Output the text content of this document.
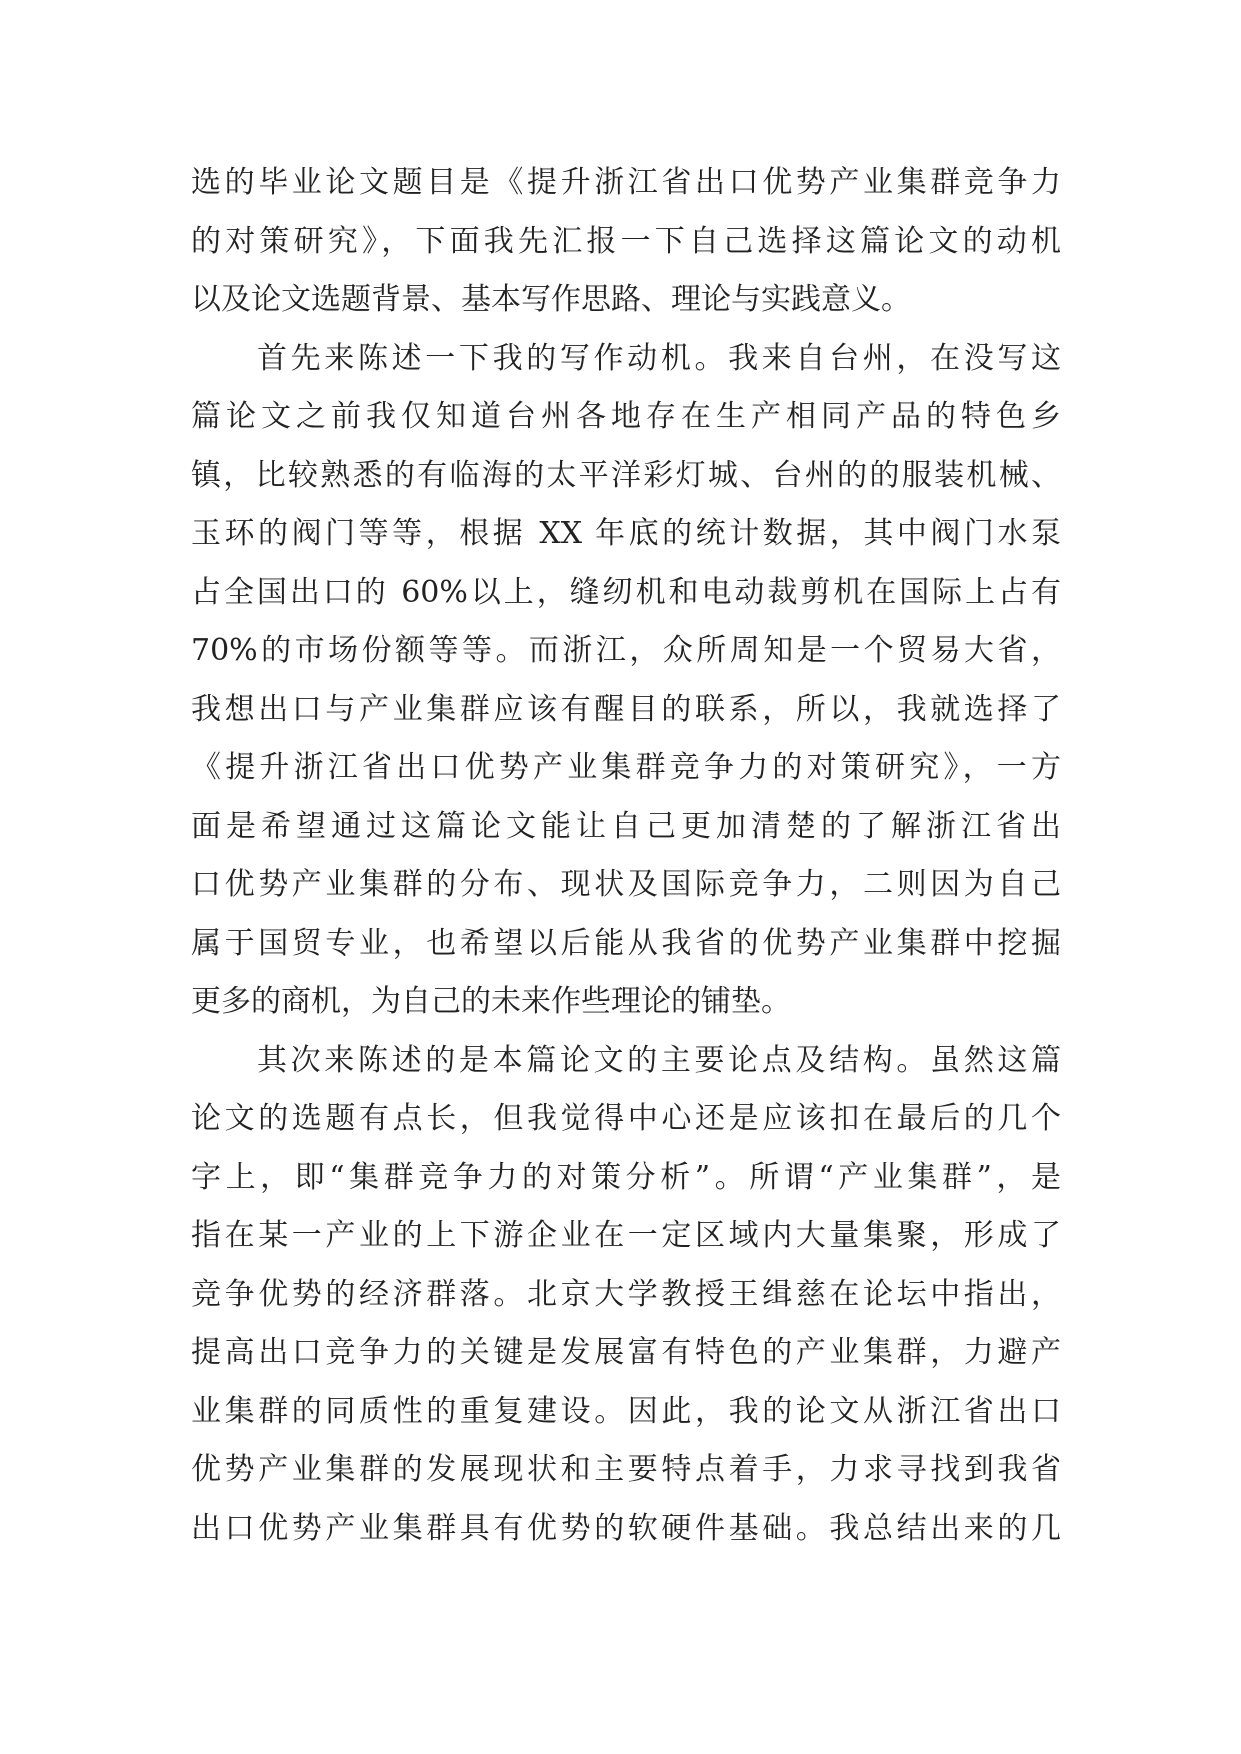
选的毕业论文题目是《提升浙江省出口优势产业集群竞争力
的对策研究》，下面我先汇报一下自己选择这篇论文的动机
以及论文选题背景、基本写作思路、理论与实践意义。
首先来陈述一下我的写作动机。我来自台州，在没写这
篇论文之前我仅知道台州各地存在生产相同产品的特色乡
镇，比较熟悉的有临海的太平洋彩灯城、台州的的服装机械、
玉环的阀门等等，根据 XX 年底的统计数据，其中阀门水泵
占全国出口的 60%以上，缝纫机和电动裁剪机在国际上占有
70%的市场份额等等。而浙江，众所周知是一个贸易大省，
我想出口与产业集群应该有醒目的联系，所以，我就选择了
《提升浙江省出口优势产业集群竞争力的对策研究》，一方
面是希望通过这篇论文能让自己更加清楚的了解浙江省出
口优势产业集群的分布、现状及国际竞争力，二则因为自己
属于国贸专业，也希望以后能从我省的优势产业集群中挖掘
更多的商机，为自己的未来作些理论的铺垫。
其次来陈述的是本篇论文的主要论点及结构。虽然这篇
论文的选题有点长，但我觉得中心还是应该扣在最后的几个
字上，即“集群竞争力的对策分析”。所谓“产业集群”，是
指在某一产业的上下游企业在一定区域内大量集聚，形成了
竞争优势的经济群落。北京大学教授王缉慈在论坛中指出，
提高出口竞争力的关键是发展富有特色的产业集群，力避产
业集群的同质性的重复建设。因此，我的论文从浙江省出口
优势产业集群的发展现状和主要特点着手，力求寻找到我省
出口优势产业集群具有优势的软硬件基础。我总结出来的几
